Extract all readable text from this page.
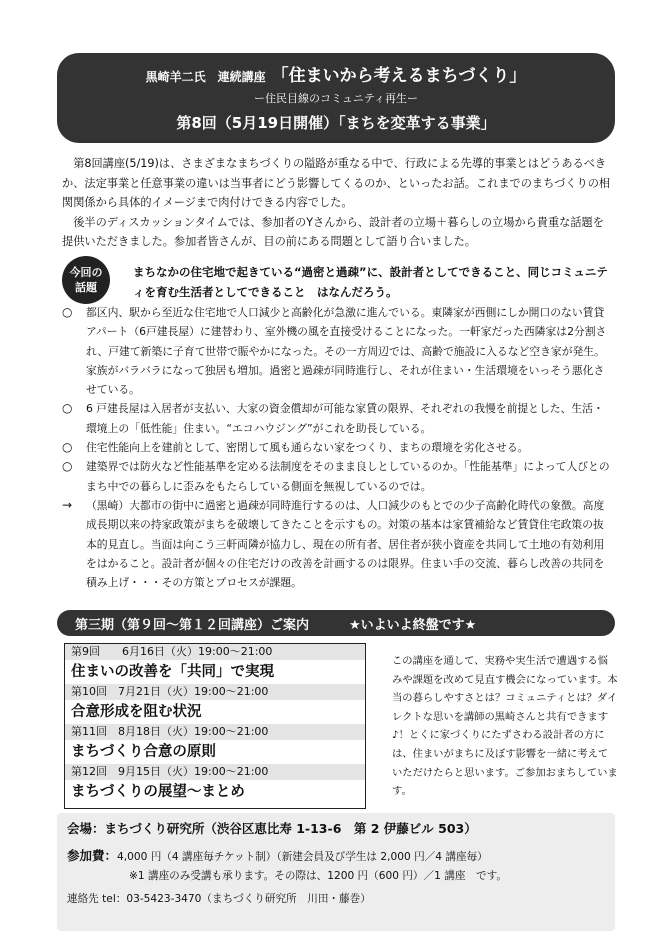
黒崎羊二氏　連続講座 「住まいから考えるまちづくり」
ー住民目線のコミュニティ再生ー
第8回（5月19日開催）「まちを変革する事業」

第8回講座(5/19)は、さまざまなまちづくりの隘路が重なる中で、行政による先導的事業とはどうあるべきか、法定事業と任意事業の違いは当事者にどう影響してくるのか、といったお話。これまでのまちづくりの相関関係から具体的イメージまで肉付けできる内容でした。

後半のディスカッションタイムでは、参加者のYさんから、設計者の立場＋暮らしの立場から貴重な話題を提供いただきました。参加者皆さんが、目の前にある問題として語り合いました。

今回の
話題
まちなかの住宅地で起きている“過密と過疎”に、設計者としてできること、同じコミュニティを育む生活者としてできること　はなんだろう。
○	都区内、駅から至近な住宅地で人口減少と高齢化が急激に進んでいる。東隣家が西側にしか開口のない賃貸アパート（6戸建長屋）に建替わり、室外機の風を直接受けることになった。一軒家だった西隣家は2分割され、戸建て新築に子育て世帯で賑やかになった。その一方周辺では、高齢で施設に入るなど空き家が発生。家族がバラバラになって独居も増加。過密と過疎が同時進行し、それが住まい・生活環境をいっそう悪化させている。
○	6 戸建長屋は入居者が支払い、大家の資金償却が可能な家賃の限界、それぞれの我慢を前提とした、生活・環境上の「低性能」住まい。“エコハウジング”がこれを助長している。
○	住宅性能向上を建前として、密閉して風も通らない家をつくり、まちの環境を劣化させる。
○	建築界では防火など性能基準を定める法制度をそのまま良しとしているのか。「性能基準」によって人びとのまち中での暮らしに歪みをもたらしている側面を無視しているのでは。
→	（黒崎）大都市の街中に過密と過疎が同時進行するのは、人口減少のもとでの少子高齢化時代の象徴。高度成長期以来の持家政策がまちを破壊してきたことを示すもの。対策の基本は家賃補給など賃貸住宅政策の抜本的見直し。当面は向こう三軒両隣が協力し、現在の所有者、居住者が狭小資産を共同して土地の有効利用をはかること。設計者が個々の住宅だけの改善を計画するのは限界。住まい手の交流、暮らし改善の共同を積み上げ・・・その方策とプロセスが課題。
第三期（第９回〜第１２回講座）ご案内	★いよいよ終盤です★
第9回　　6月16日（火）19:00〜21:00
住まいの改善を「共同」で実現
第10回　7月21日（火）19:00〜21:00
合意形成を阻む状況
第11回　8月18日（火）19:00〜21:00
まちづくり合意の原則
第12回　9月15日（火）19:00〜21:00
まちづくりの展望〜まとめ
この講座を通して、実務や実生活で遭遇する悩みや課題を改めて見直す機会になっています。本当の暮らしやすさとは？コミュニティとは？ダイレクトな思いを講師の黒崎さんと共有できます♪！とくに家づくりにたずさわる設計者の方には、住まいがまちに及ぼす影響を一緒に考えていただけたらと思います。ご参加おまちしています。
会場：まちづくり研究所（渋谷区恵比寿 1-13-6　第 2 伊藤ビル 503）
参加費：4,000 円（4 講座毎チケット制）（新建会員及び学生は 2,000 円／4 講座毎）
※1 講座のみ受講も承ります。その際は、1200 円（600 円）／1 講座　です。
連絡先 tel：03-5423-3470（まちづくり研究所　川田・藤巻）
